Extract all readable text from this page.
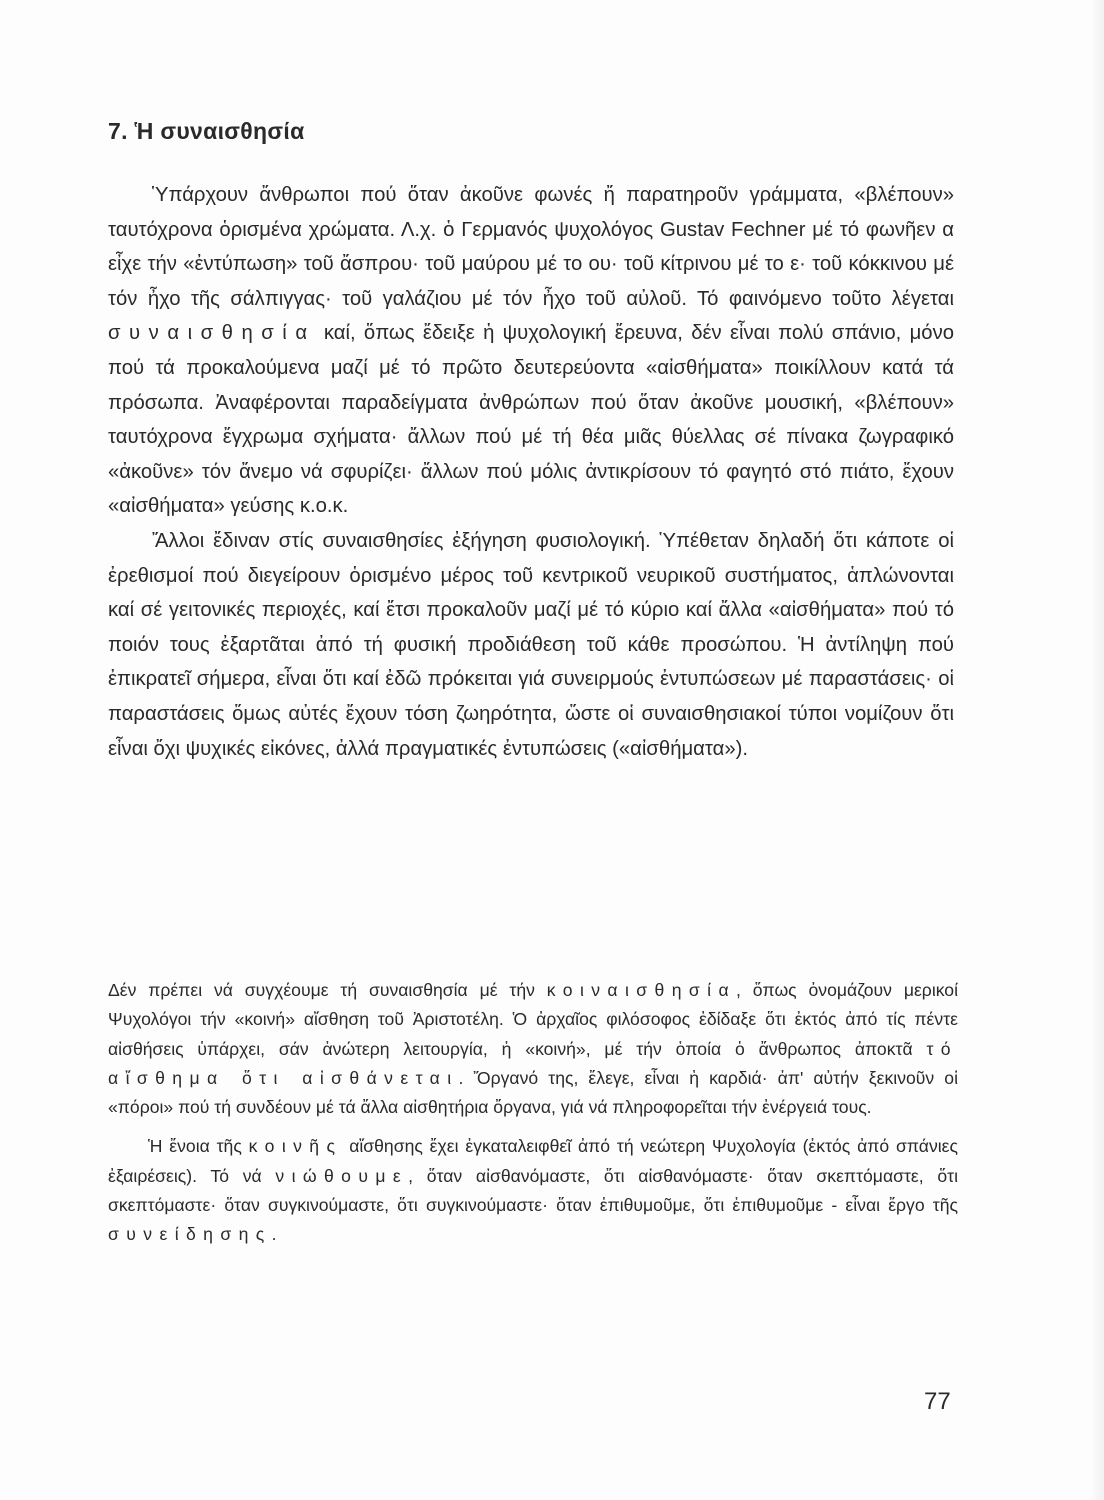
7. Ἡ συναισθησία

Ὑπάρχουν ἄνθρωποι πού ὅταν ἀκοῦνε φωνές ἤ παρατηροῦν γράμματα, «βλέπουν» ταυτόχρονα ὁρισμένα χρώματα. Λ.χ. ὁ Γερμανός ψυχολόγος Gustav Fechner μέ τό φωνῆεν α εἶχε τήν «ἐντύπωση» τοῦ ἄσπρου· τοῦ μαύρου μέ το ου· τοῦ κίτρινου μέ το ε· τοῦ κόκκινου μέ τόν ἦχο τῆς σάλπιγγας· τοῦ γαλάζιου μέ τόν ἦχο τοῦ αὐλοῦ. Τό φαινόμενο τοῦτο λέγεται συναισθησία καί, ὅπως ἔδειξε ἡ ψυχολογική ἔρευνα, δέν εἶναι πολύ σπάνιο, μόνο πού τά προκαλούμενα μαζί μέ τό πρῶτο δευτερεύοντα «αἰσθήματα» ποικίλλουν κατά τά πρόσωπα. Ἀναφέρονται παραδείγματα ἀνθρώπων πού ὅταν ἀκοῦνε μουσική, «βλέπουν» ταυτόχρονα ἔγχρωμα σχήματα· ἄλλων πού μέ τή θέα μιᾶς θύελλας σέ πίνακα ζωγραφικό «ἀκοῦνε» τόν ἄνεμο νά σφυρίζει· ἄλλων πού μόλις ἀντικρίσουν τό φαγητό στό πιάτο, ἔχουν «αἰσθήματα» γεύσης κ.ο.κ.

Ἄλλοι ἔδιναν στίς συναισθησίες ἐξήγηση φυσιολογική. Ὑπέθεταν δηλαδή ὅτι κάποτε οἱ ἐρεθισμοί πού διεγείρουν ὁρισμένο μέρος τοῦ κεντρικοῦ νευρικοῦ συστήματος, ἁπλώνονται καί σέ γειτονικές περιοχές, καί ἔτσι προκαλοῦν μαζί μέ τό κύριο καί ἄλλα «αἰσθήματα» πού τό ποιόν τους ἐξαρτᾶται ἀπό τή φυσική προδιάθεση τοῦ κάθε προσώπου. Ἡ ἀντίληψη πού ἐπικρατεῖ σήμερα, εἶναι ὅτι καί ἐδῶ πρόκειται γιά συνειρμούς ἐντυπώσεων μέ παραστάσεις· οἱ παραστάσεις ὅμως αὐτές ἔχουν τόση ζωηρότητα, ὥστε οἱ συναισθησιακοί τύποι νομίζουν ὅτι εἶναι ὄχι ψυχικές εἰκόνες, ἀλλά πραγματικές ἐντυπώσεις («αἰσθήματα»).

Δέν πρέπει νά συγχέουμε τή συναισθησία μέ τήν κοιναισθησία, ὅπως ὀνομάζουν μερικοί Ψυχολόγοι τήν «κοινή» αἴσθηση τοῦ Ἀριστοτέλη. Ὁ ἀρχαῖος φιλόσοφος ἐδίδαξε ὅτι ἐκτός ἀπό τίς πέντε αἰσθήσεις ὑπάρχει, σάν ἀνώτερη λειτουργία, ἡ «κοινή», μέ τήν ὁποία ὁ ἄνθρωπος ἀποκτᾶ τό αἴσθημα ὅτι αἰσθάνεται. Ὄργανό της, ἔλεγε, εἶναι ἡ καρδιά· ἀπ' αὐτήν ξεκινοῦν οἱ «πόροι» πού τή συνδέουν μέ τά ἄλλα αἰσθητήρια ὄργανα, γιά νά πληροφορεῖται τήν ἐνέργειά τους.

Ἡ ἔνοια τῆς κοινῆς αἴσθησης ἔχει ἐγκαταλειφθεῖ ἀπό τή νεώτερη Ψυχολογία (ἐκτός ἀπό σπάνιες ἐξαιρέσεις). Τό νά νιώθουμε, ὅταν αἰσθανόμαστε, ὅτι αἰσθανόμαστε· ὅταν σκεπτόμαστε, ὅτι σκεπτόμαστε· ὅταν συγκινούμαστε, ὅτι συγκινούμαστε· ὅταν ἐπιθυμοῦμε, ὅτι ἐπιθυμοῦμε - εἶναι ἔργο τῆς συνείδησης.

77
